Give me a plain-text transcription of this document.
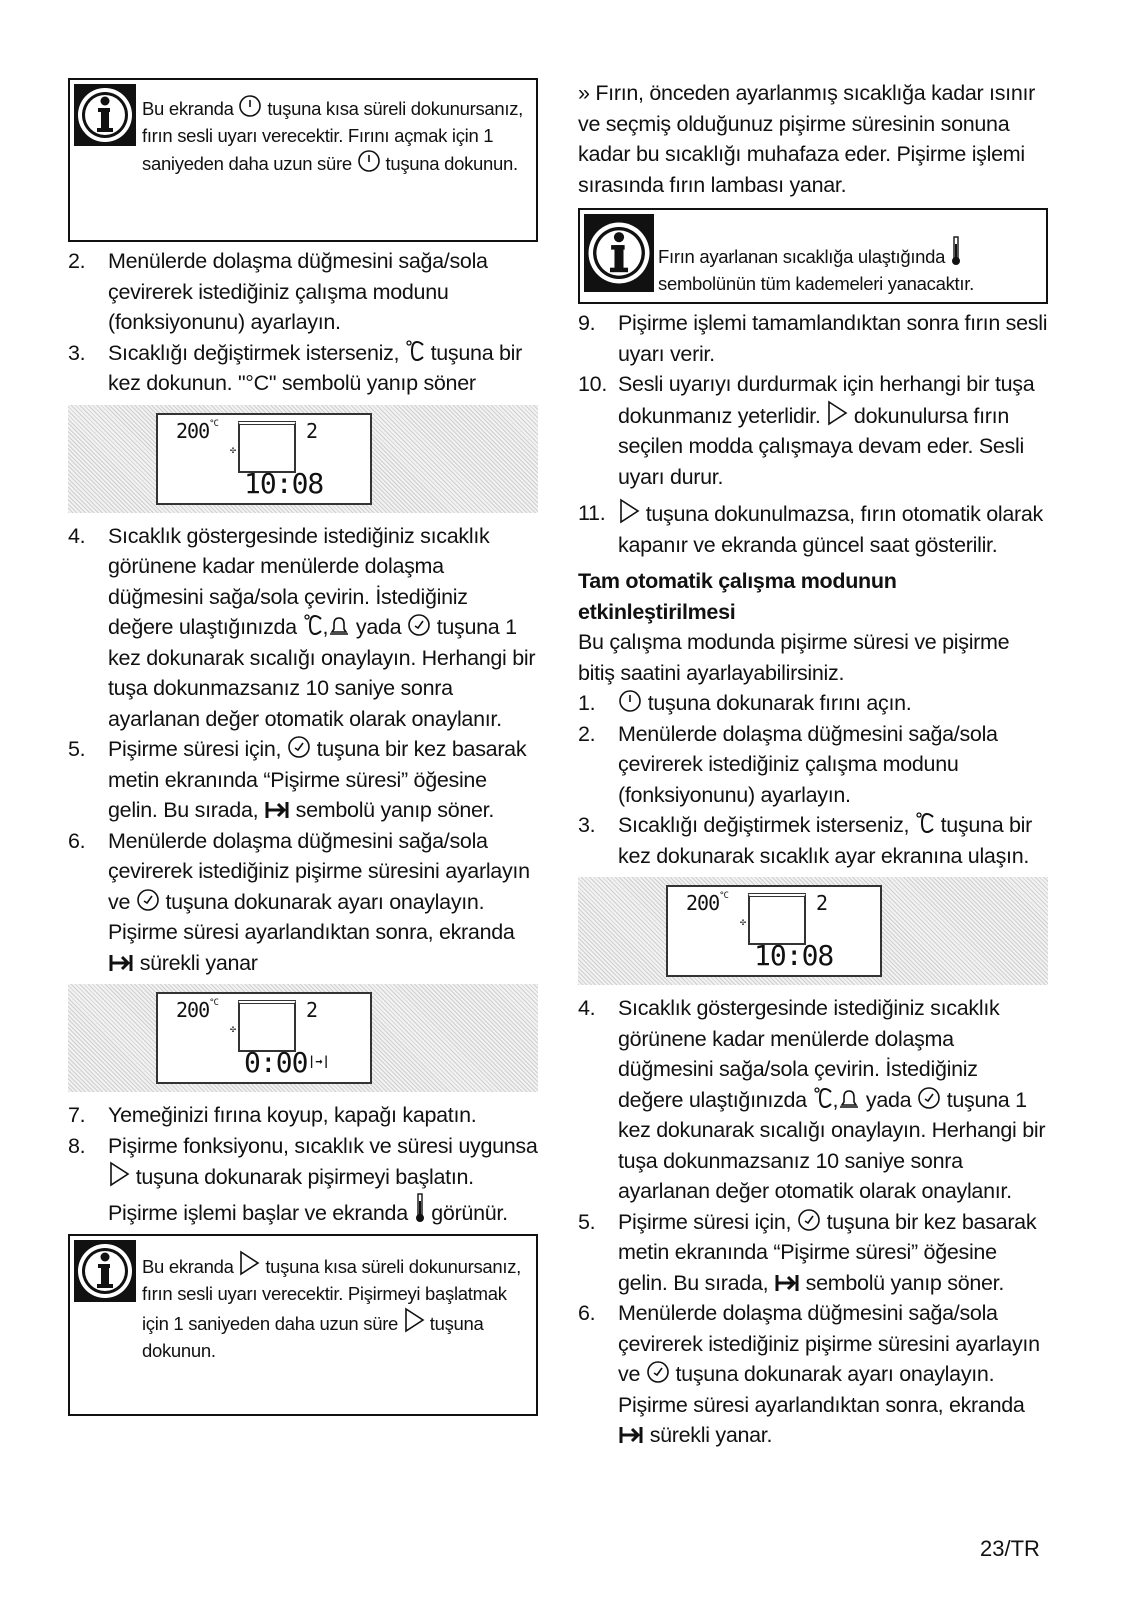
Bu ekranda tuşuna kısa süreli dokunursanız, fırın sesli uyarı verecektir. Fırını açmak için 1 saniyeden daha uzun süre tuşuna dokunun.
2.	Menülerde dolaşma düğmesini sağa/sola çevirerek istediğiniz çalışma modunu (fonksiyonunu) ayarlayın.
3.	Sıcaklığı değiştirmek isterseniz, tuşuna bir kez dokunun. "°C" sembolü yanıp söner
$200^{^\circ C}$
✣
2
10:08
4.	Sıcaklık göstergesinde istediğiniz sıcaklık görünene kadar menülerde dolaşma düğmesini sağa/sola çevirin. İstediğiniz değere ulaştığınızda , yada tuşuna 1 kez dokunarak sıcalığı onaylayın. Herhangi bir tuşa dokunmazsanız 10 saniye sonra ayarlanan değer otomatik olarak onaylanır.
5.	Pişirme süresi için, tuşuna bir kez basarak metin ekranında “Pişirme süresi” öğesine gelin. Bu sırada, sembolü yanıp söner.
6.	Menülerde dolaşma düğmesini sağa/sola çevirerek istediğiniz pişirme süresini ayarlayın ve tuşuna dokunarak ayarı onaylayın. Pişirme süresi ayarlandıktan sonra, ekranda  sürekli yanar
$200^{^\circ C}$
✣
2
0:00 |→|
7.	Yemeğinizi fırına koyup, kapağı kapatın.
8.	Pişirme fonksiyonu, sıcaklık ve süresi uygunsa  tuşuna dokunarak pişirmeyi başlatın. Pişirme işlemi başlar ve ekranda görünür.
Bu ekranda tuşuna kısa süreli dokunursanız, fırın sesli uyarı verecektir. Pişirmeyi başlatmak için 1 saniyeden daha uzun süre tuşuna dokunun.
» Fırın, önceden ayarlanmış sıcaklığa kadar ısınır ve seçmiş olduğunuz pişirme süresinin sonuna kadar bu sıcaklığı muhafaza eder. Pişirme işlemi sırasında fırın lambası yanar.
Fırın ayarlanan sıcaklığa ulaştığında  sembolünün tüm kademeleri yanacaktır.
9.	Pişirme işlemi tamamlandıktan sonra fırın sesli uyarı verir.
10. Sesli uyarıyı durdurmak için herhangi bir tuşa dokunmanız yeterlidir. dokunulursa fırın seçilen modda çalışmaya devam eder. Sesli uyarı durur.
11.	tuşuna dokunulmazsa, fırın otomatik olarak kapanır ve ekranda güncel saat gösterilir.
Tam otomatik çalışma modunun etkinleştirilmesi
Bu çalışma modunda pişirme süresi ve pişirme bitiş saatini ayarlayabilirsiniz.
1.	tuşuna dokunarak fırını açın.
2.	Menülerde dolaşma düğmesini sağa/sola çevirerek istediğiniz çalışma modunu (fonksiyonunu) ayarlayın.
3.	Sıcaklığı değiştirmek isterseniz, tuşuna bir kez dokunarak sıcaklık ayar ekranına ulaşın.
$200^{^\circ C}$
✣
2
10:08
4.	Sıcaklık göstergesinde istediğiniz sıcaklık görünene kadar menülerde dolaşma düğmesini sağa/sola çevirin. İstediğiniz değere ulaştığınızda , yada tuşuna 1 kez dokunarak sıcalığı onaylayın. Herhangi bir tuşa dokunmazsanız 10 saniye sonra ayarlanan değer otomatik olarak onaylanır.
5.	Pişirme süresi için, tuşuna bir kez basarak metin ekranında “Pişirme süresi” öğesine gelin. Bu sırada, sembolü yanıp söner.
6.	Menülerde dolaşma düğmesini sağa/sola çevirerek istediğiniz pişirme süresini ayarlayın ve tuşuna dokunarak ayarı onaylayın. Pişirme süresi ayarlandıktan sonra, ekranda  sürekli yanar.
23/TR
